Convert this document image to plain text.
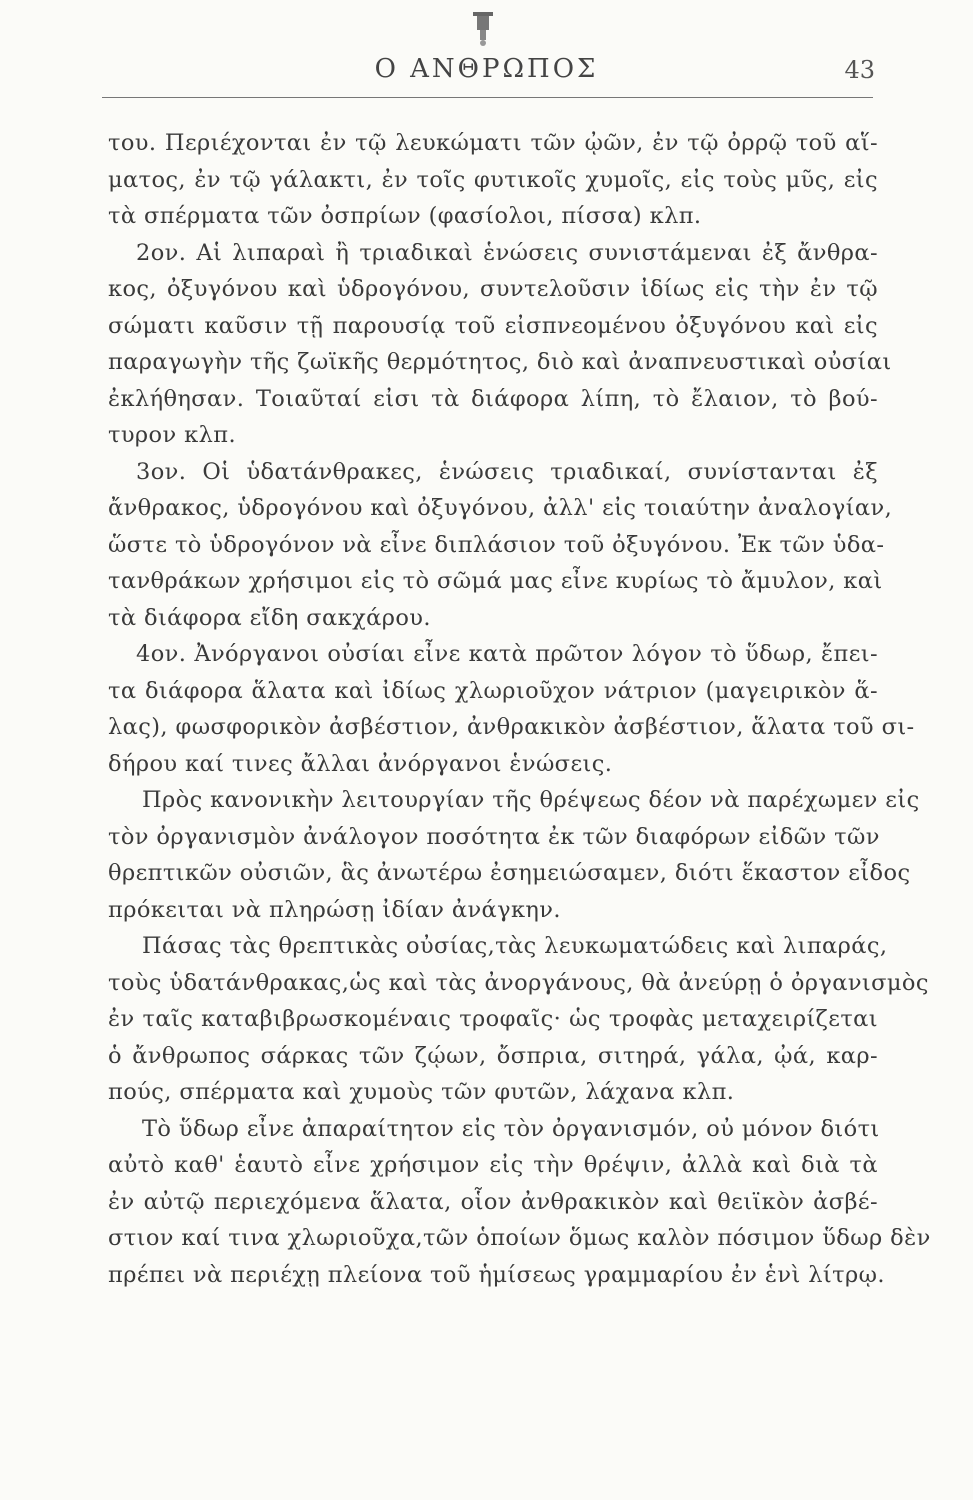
Ο ΑΝΘΡΩΠΟΣ	43
του. Περιέχονται ἐν τῷ λευκώματι τῶν ᾠῶν, ἐν τῷ ὀρρῷ τοῦ αἵ-
ματος, ἐν τῷ γάλακτι, ἐν τοῖς φυτικοῖς χυμοῖς, εἰς τοὺς μῦς, εἰς
τὰ σπέρματα τῶν ὀσπρίων (φασίολοι, πίσσα) κλπ.
2ον. Αἱ λιπαραὶ ἢ τριαδικαὶ ἑνώσεις συνιστάμεναι ἐξ ἄνθρα-
κος, ὀξυγόνου καὶ ὑδρογόνου, συντελοῦσιν ἰδίως εἰς τὴν ἐν τῷ
σώματι καῦσιν τῇ παρουσίᾳ τοῦ εἰσπνεομένου ὀξυγόνου καὶ εἰς
παραγωγὴν τῆς ζωϊκῆς θερμότητος, διὸ καὶ ἀναπνευστικαὶ οὐσίαι
ἐκλήθησαν. Τοιαῦταί εἰσι τὰ διάφορα λίπη, τὸ ἔλαιον, τὸ βού-
τυρον κλπ.
3ον. Οἱ ὑδατάνθρακες, ἑνώσεις τριαδικαί, συνίστανται ἐξ
ἄνθρακος, ὑδρογόνου καὶ ὀξυγόνου, ἀλλ' εἰς τοιαύτην ἀναλογίαν,
ὥστε τὸ ὑδρογόνον νὰ εἶνε διπλάσιον τοῦ ὀξυγόνου. Ἐκ τῶν ὑδα-
τανθράκων χρήσιμοι εἰς τὸ σῶμά μας εἶνε κυρίως τὸ ἄμυλον, καὶ
τὰ διάφορα εἴδη σακχάρου.
4ον. Ἀνόργανοι οὐσίαι εἶνε κατὰ πρῶτον λόγον τὸ ὕδωρ, ἔπει-
τα διάφορα ἅλατα καὶ ἰδίως χλωριοῦχον νάτριον (μαγειρικὸν ἅ-
λας), φωσφορικὸν ἀσβέστιον, ἀνθρακικὸν ἀσβέστιον, ἅλατα τοῦ σι-
δήρου καί τινες ἄλλαι ἀνόργανοι ἑνώσεις.
Πρὸς κανονικὴν λειτουργίαν τῆς θρέψεως δέον νὰ παρέχωμεν εἰς
τὸν ὀργανισμὸν ἀνάλογον ποσότητα ἐκ τῶν διαφόρων εἰδῶν τῶν
θρεπτικῶν οὐσιῶν, ἃς ἀνωτέρω ἐσημειώσαμεν, διότι ἕκαστον εἶδος
πρόκειται νὰ πληρώσῃ ἰδίαν ἀνάγκην.
Πάσας τὰς θρεπτικὰς οὐσίας,τὰς λευκωματώδεις καὶ λιπαράς,
τοὺς ὑδατάνθρακας,ὡς καὶ τὰς ἀνοργάνους, θὰ ἀνεύρῃ ὁ ὀργανισμὸς
ἐν ταῖς καταβιβρωσκομέναις τροφαῖς· ὡς τροφὰς μεταχειρίζεται
ὁ ἄνθρωπος σάρκας τῶν ζῴων, ὄσπρια, σιτηρά, γάλα, ᾠά, καρ-
πούς, σπέρματα καὶ χυμοὺς τῶν φυτῶν, λάχανα κλπ.
Τὸ ὕδωρ εἶνε ἀπαραίτητον εἰς τὸν ὀργανισμόν, οὐ μόνον διότι
αὐτὸ καθ' ἑαυτὸ εἶνε χρήσιμον εἰς τὴν θρέψιν, ἀλλὰ καὶ διὰ τὰ
ἐν αὐτῷ περιεχόμενα ἅλατα, οἷον ἀνθρακικὸν καὶ θειϊκὸν ἀσβέ-
στιον καί τινα χλωριοῦχα,τῶν ὁποίων ὅμως καλὸν πόσιμον ὕδωρ δὲν
πρέπει νὰ περιέχῃ πλείονα τοῦ ἡμίσεως γραμμαρίου ἐν ἑνὶ λίτρῳ.
